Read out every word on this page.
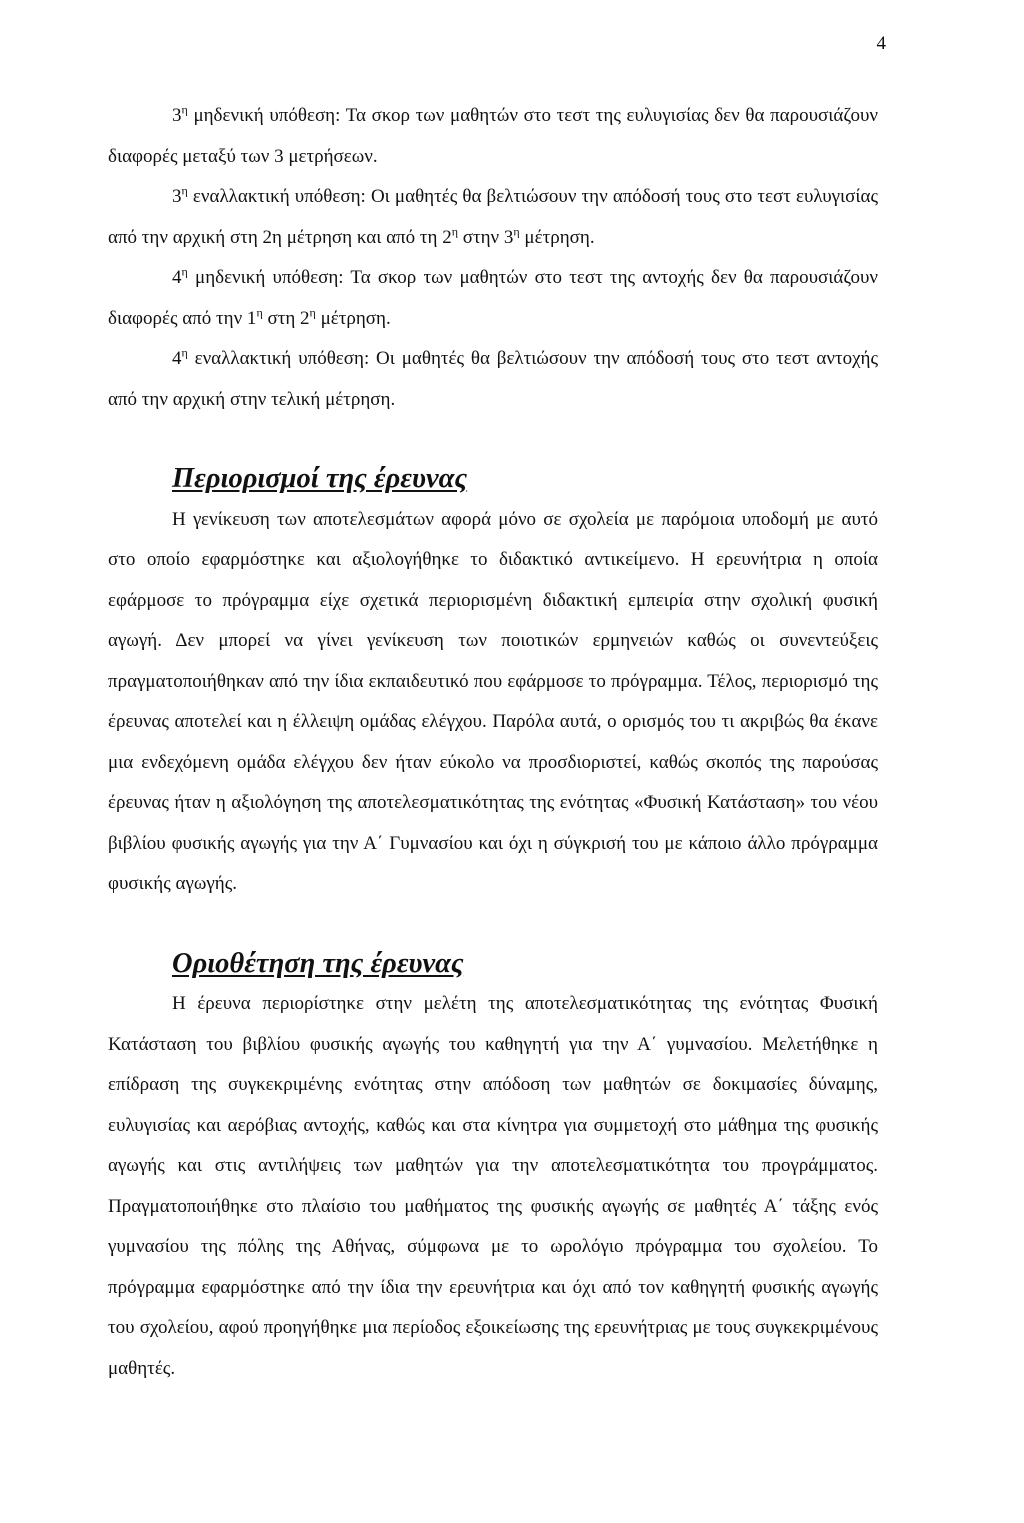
4

$3^\eta$ μηδενική υπόθεση: Τα σκορ των μαθητών στο τεστ της ευλυγισίας δεν θα παρουσιάζουν διαφορές μεταξύ των 3 μετρήσεων.

$3^\eta$ εναλλακτική υπόθεση: Οι μαθητές θα βελτιώσουν την απόδοσή τους στο τεστ ευλυγισίας από την αρχική στη 2η μέτρηση και από τη $2^\eta$ στην $3^\eta$ μέτρηση.

$4^\eta$ μηδενική υπόθεση: Τα σκορ των μαθητών στο τεστ της αντοχής δεν θα παρουσιάζουν διαφορές από την $1^\eta$ στη $2^\eta$ μέτρηση.

$4^\eta$ εναλλακτική υπόθεση: Οι μαθητές θα βελτιώσουν την απόδοσή τους στο τεστ αντοχής από την αρχική στην τελική μέτρηση.

Περιορισμοί της έρευνας

Η γενίκευση των αποτελεσμάτων αφορά μόνο σε σχολεία με παρόμοια υποδομή με αυτό στο οποίο εφαρμόστηκε και αξιολογήθηκε το διδακτικό αντικείμενο. Η ερευνήτρια η οποία εφάρμοσε το πρόγραμμα είχε σχετικά περιορισμένη διδακτική εμπειρία στην σχολική φυσική αγωγή. Δεν μπορεί να γίνει γενίκευση των ποιοτικών ερμηνειών καθώς οι συνεντεύξεις πραγματοποιήθηκαν από την ίδια εκπαιδευτικό που εφάρμοσε το πρόγραμμα. Τέλος, περιορισμό της έρευνας αποτελεί και η έλλειψη ομάδας ελέγχου. Παρόλα αυτά, ο ορισμός του τι ακριβώς θα έκανε μια ενδεχόμενη ομάδα ελέγχου δεν ήταν εύκολο να προσδιοριστεί, καθώς σκοπός της παρούσας έρευνας ήταν η αξιολόγηση της αποτελεσματικότητας της ενότητας «Φυσική Κατάσταση» του νέου βιβλίου φυσικής αγωγής για την Α΄ Γυμνασίου και όχι η σύγκρισή του με κάποιο άλλο πρόγραμμα φυσικής αγωγής.

Οριοθέτηση της έρευνας

Η έρευνα περιορίστηκε στην μελέτη της αποτελεσματικότητας της ενότητας Φυσική Κατάσταση του βιβλίου φυσικής αγωγής του καθηγητή για την Α΄ γυμνασίου. Μελετήθηκε η επίδραση της συγκεκριμένης ενότητας στην απόδοση των μαθητών σε δοκιμασίες δύναμης, ευλυγισίας και αερόβιας αντοχής, καθώς και στα κίνητρα για συμμετοχή στο μάθημα της φυσικής αγωγής και στις αντιλήψεις των μαθητών για την αποτελεσματικότητα του προγράμματος. Πραγματοποιήθηκε στο πλαίσιο του μαθήματος της φυσικής αγωγής σε μαθητές Α΄ τάξης ενός γυμνασίου της πόλης της Αθήνας, σύμφωνα με το ωρολόγιο πρόγραμμα του σχολείου. Το πρόγραμμα εφαρμόστηκε από την ίδια την ερευνήτρια και όχι από τον καθηγητή φυσικής αγωγής του σχολείου, αφού προηγήθηκε μια περίοδος εξοικείωσης της ερευνήτριας με τους συγκεκριμένους μαθητές.
